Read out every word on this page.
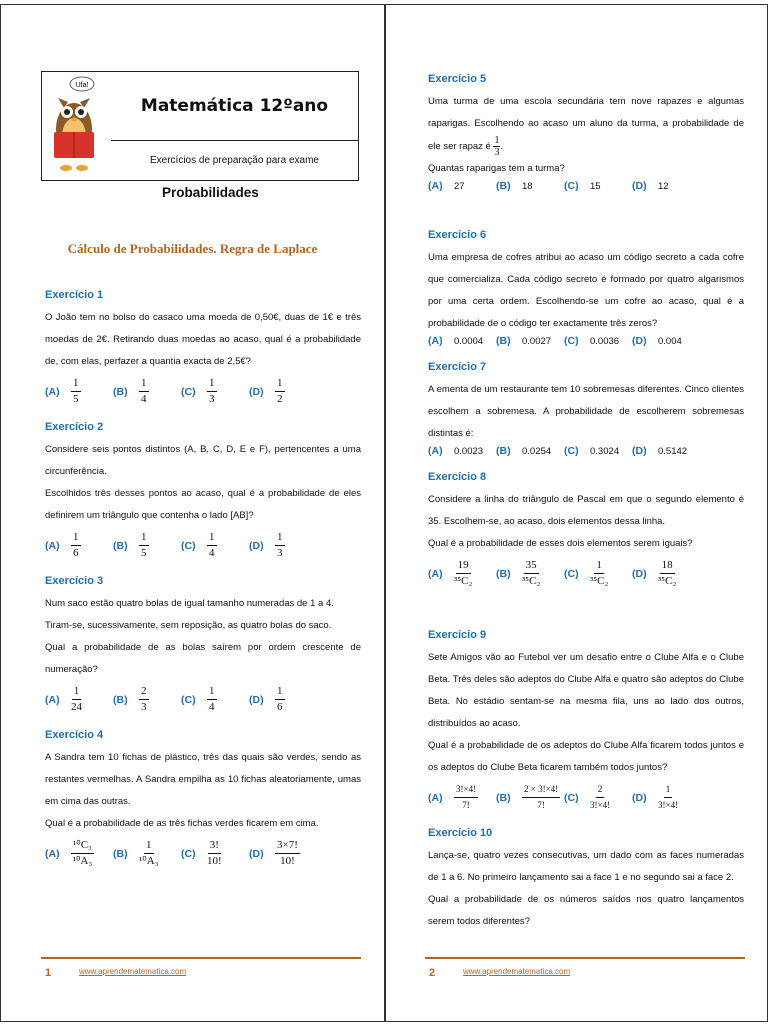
Ufa!
Matemática 12ºano
Exercícios de preparação para exame
Probabilidades
Cálculo de Probabilidades. Regra de Laplace
Exercício 1
O João tem no bolso do casaco uma moeda de 0,50€, duas de 1€ e três moedas de 2€. Retirando duas moedas ao acaso, qual é a probabilidade de, com elas, perfazer a quantia exacta de 2,5€?
(A)	$\frac{1}{5}$	(B)	$\frac{1}{4}$	(C)	$\frac{1}{3}$	(D)	$\frac{1}{2}$
Exercício 2
Considere seis pontos distintos (A, B, C, D, E e F), pertencentes a uma circunferência.
Escolhidos três desses pontos ao acaso, qual é a probabilidade de eles definirem um triângulo que contenha o lado [AB]?
(A)	$\frac{1}{6}$	(B)	$\frac{1}{5}$	(C)	$\frac{1}{4}$	(D)	$\frac{1}{3}$
Exercício 3
Num saco estão quatro bolas de igual tamanho numeradas de 1 a 4.
Tiram-se, sucessivamente, sem reposição, as quatro bolas do saco.
Qual a probabilidade de as bolas saírem por ordem crescente de numeração?
(A)	$\frac{1}{24}$	(B)	$\frac{2}{3}$	(C)	$\frac{1}{4}$	(D)	$\frac{1}{6}$
Exercício 4
A Sandra tem 10 fichas de plástico, três das quais são verdes, sendo as restantes vermelhas. A Sandra empilha as 10 fichas aleatoriamente, umas em cima das outras.
Qual é a probabilidade de as três fichas verdes ficarem em cima.
(A)	$\frac{\text{¹⁰C₃}}{\text{¹⁰A₃}} (B)$	$\frac{1}{\text{¹⁰A₃}} (C)$	$\frac{3!}{10!}$	(D)	$\frac{3\times 7!}{10!}$
1	www.aprendematematica.com
Exercício 5
Uma turma de uma escola secundária tem nove rapazes e algumas raparigas. Escolhendo ao acaso um aluno da turma, a probabilidade de ele ser rapaz é $\frac{1}{3}$ .
Quantas raparigas tem a turma?
(A)	27	(B)	18	(C)	15	(D)	12
Exercício 6
Uma empresa de cofres atribui ao acaso um código secreto a cada cofre que comercializa. Cada código secreto é formado por quatro algarismos por uma certa ordem. Escolhendo-se um cofre ao acaso, qual é a probabilidade de o código ter exactamente três zeros?
(A)	0.0004 (B)	0.0027 (C)	0.0036 (D)	0.004
Exercício 7
A ementa de um restaurante tem 10 sobremesas diferentes. Cinco clientes escolhem a sobremesa. A probabilidade de escolherem sobremesas distintas é:
(A)	0.0023 (B)	0.0254 (C)	0.3024 (D)	0.5142
Exercício 8
Considere a linha do triângulo de Pascal em que o segundo elemento é 35. Escolhem-se, ao acaso, dois elementos dessa linha.
Qual é a probabilidade de esses dois elementos serem iguais?
(A)	$\frac{19}{\text{³⁵C₂}} (B)$	$\frac{35}{\text{³⁵C₂}} (C)$	$\frac{1}{\text{³⁵C₂}} (D)$	$\frac{18}{\text{³⁵C₂}}$
Exercício 9
Sete Amigos vão ao Futebol ver um desafio entre o Clube Alfa e o Clube Beta. Três deles são adeptos do Clube Alfa e quatro são adeptos do Clube Beta. No estádio sentam-se na mesma fila, uns ao lado dos outros, distribuídos ao acaso.
Qual é a probabilidade de os adeptos do Clube Alfa ficarem todos juntos e os adeptos do Clube Beta ficarem também todos juntos?
(A)	$\frac{3!\times 4!}{7!} (B)$	$\frac{2 \times 3!\times 4!}{7!} (C)$	$\frac{2}{3!\times 4!} (D)$	$\frac{1}{3!\times 4!}$
Exercício 10
Lança-se, quatro vezes consecutivas, um dado com as faces numeradas de 1 a 6. No primeiro lançamento sai a face 1 e no segundo sai a face 2.
Qual a probabilidade de os números saídos nos quatro lançamentos serem todos diferentes?
2	www.aprendematematica.com
